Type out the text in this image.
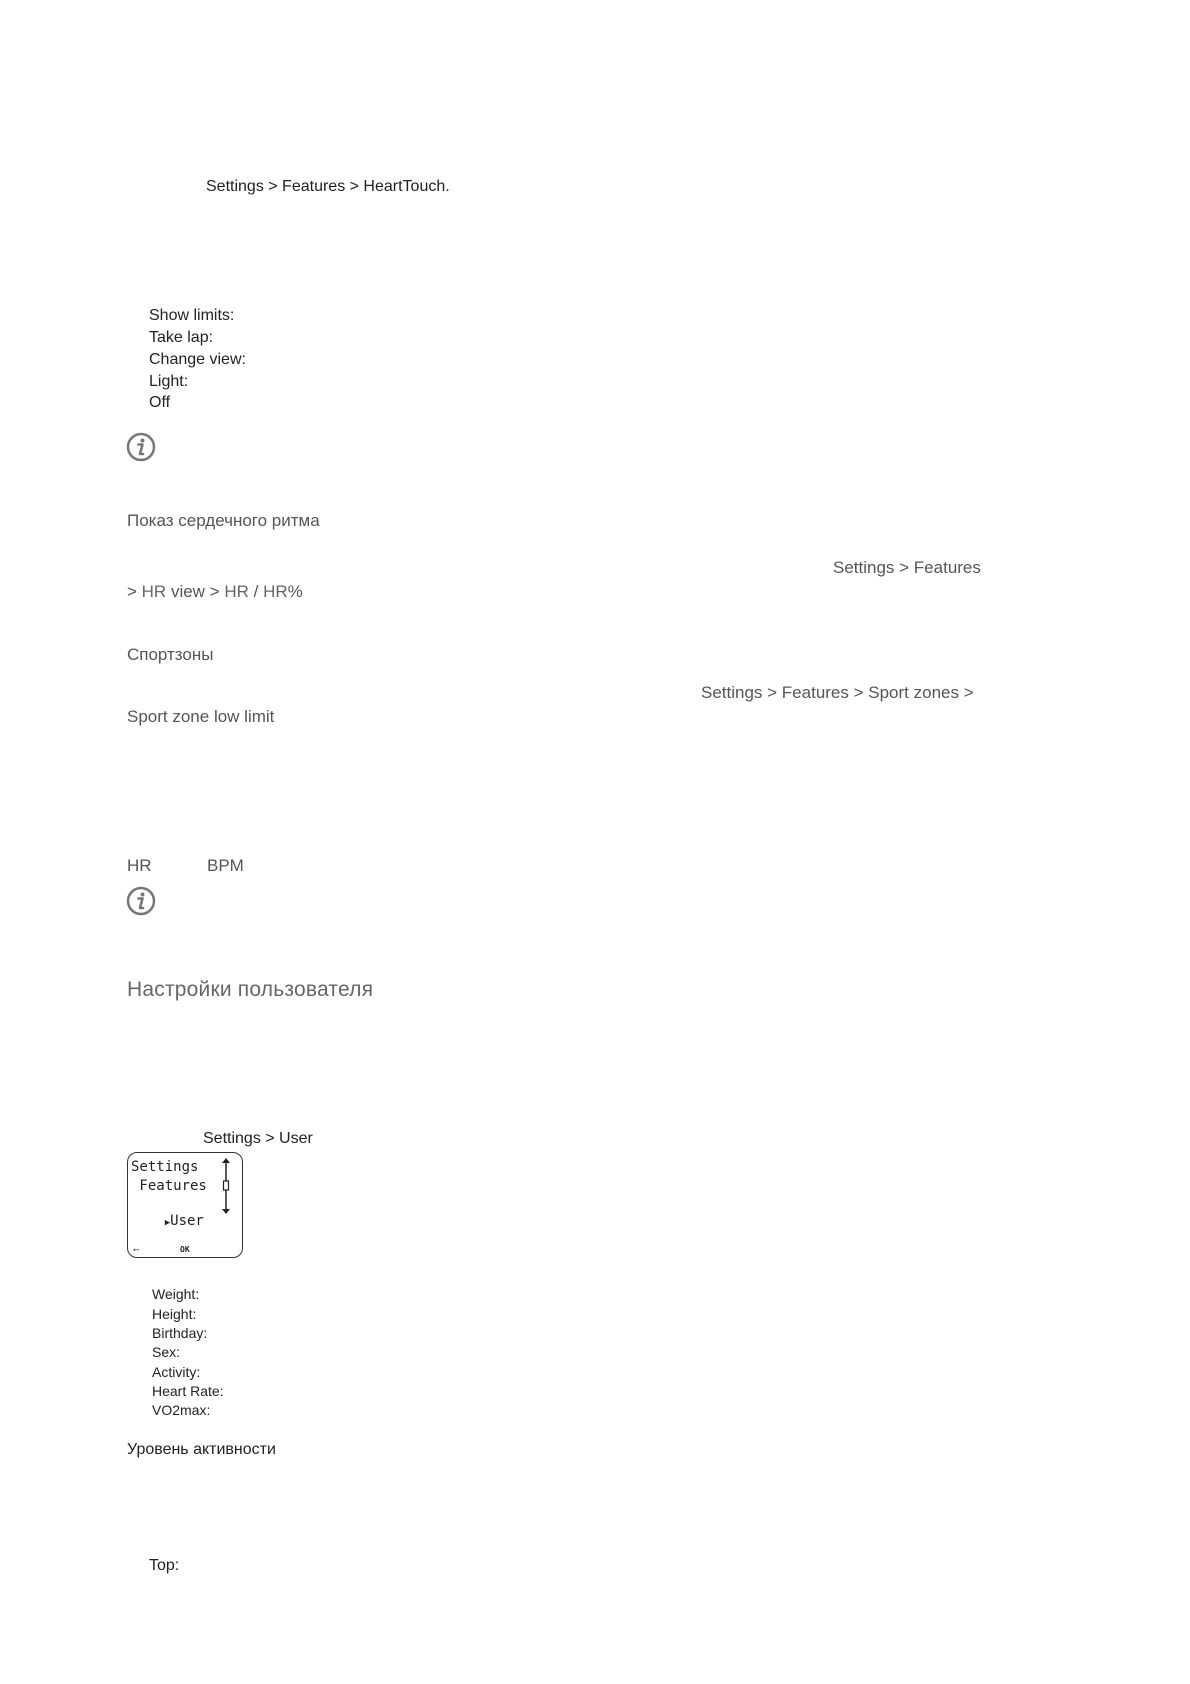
Settings > Features > HeartTouch.
Show limits:
Take lap:
Change view:
Light:
Off
Показ сердечного ритма
Settings > Features
> HR view > HR / HR%
Спортзоны
Settings > Features > Sport zones >
Sport zone low limit
HR	BPM
Настройки пользователя
Settings > User
Settings
Features

▶User

⟵	OK
Weight:
Height:
Birthday:
Sex:
Activity:
Heart Rate:
VO2max:
Уровень активности
Top:
